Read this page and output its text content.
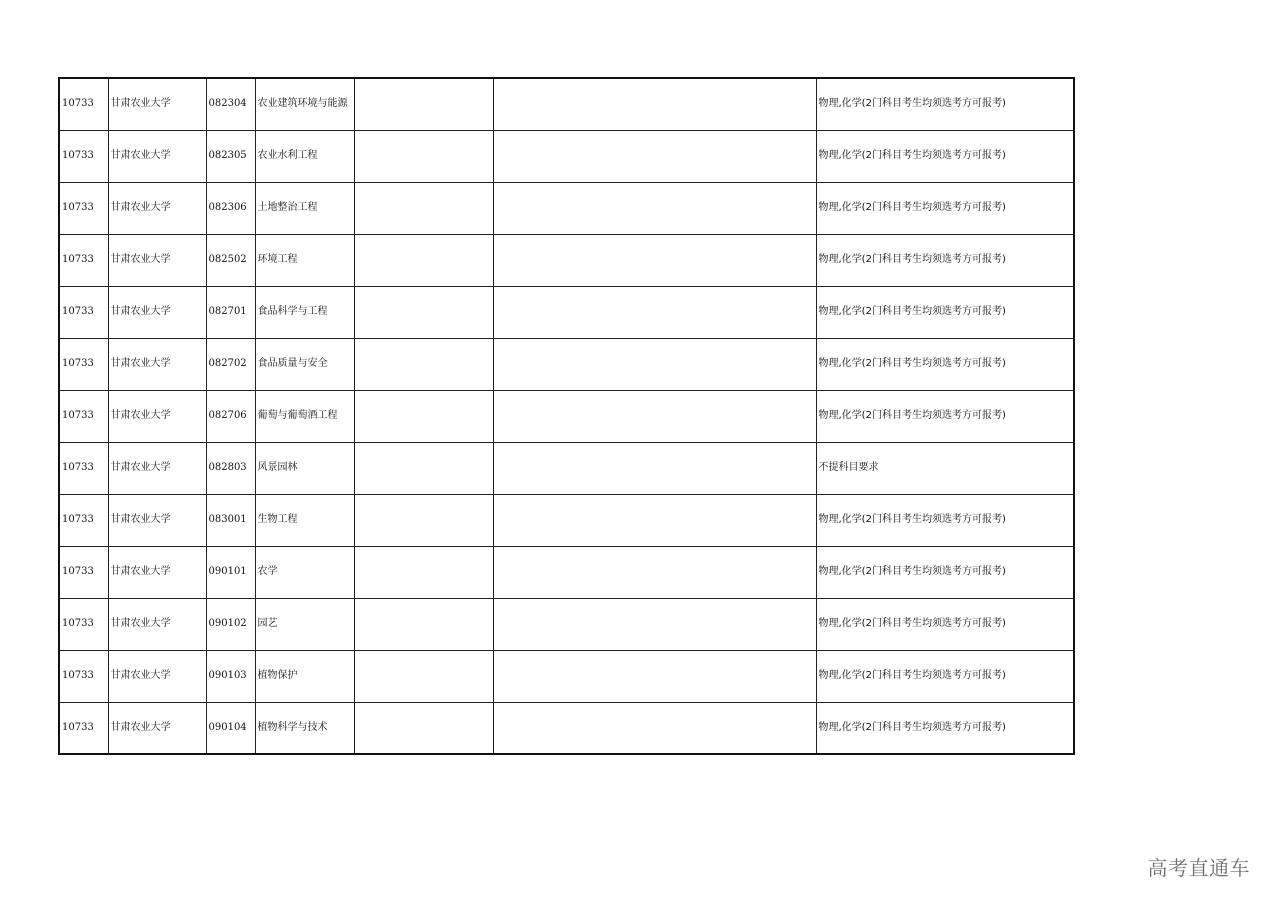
10733	甘肃农业大学	082304	农业建筑环境与能源			物理,化学(2门科目考生均须选考方可报考)
10733	甘肃农业大学	082305	农业水利工程			物理,化学(2门科目考生均须选考方可报考)
10733	甘肃农业大学	082306	土地整治工程			物理,化学(2门科目考生均须选考方可报考)
10733	甘肃农业大学	082502	环境工程			物理,化学(2门科目考生均须选考方可报考)
10733	甘肃农业大学	082701	食品科学与工程			物理,化学(2门科目考生均须选考方可报考)
10733	甘肃农业大学	082702	食品质量与安全			物理,化学(2门科目考生均须选考方可报考)
10733	甘肃农业大学	082706	葡萄与葡萄酒工程			物理,化学(2门科目考生均须选考方可报考)
10733	甘肃农业大学	082803	风景园林			不提科目要求
10733	甘肃农业大学	083001	生物工程			物理,化学(2门科目考生均须选考方可报考)
10733	甘肃农业大学	090101	农学			物理,化学(2门科目考生均须选考方可报考)
10733	甘肃农业大学	090102	园艺			物理,化学(2门科目考生均须选考方可报考)
10733	甘肃农业大学	090103	植物保护			物理,化学(2门科目考生均须选考方可报考)
10733	甘肃农业大学	090104	植物科学与技术			物理,化学(2门科目考生均须选考方可报考)
高考直通车
